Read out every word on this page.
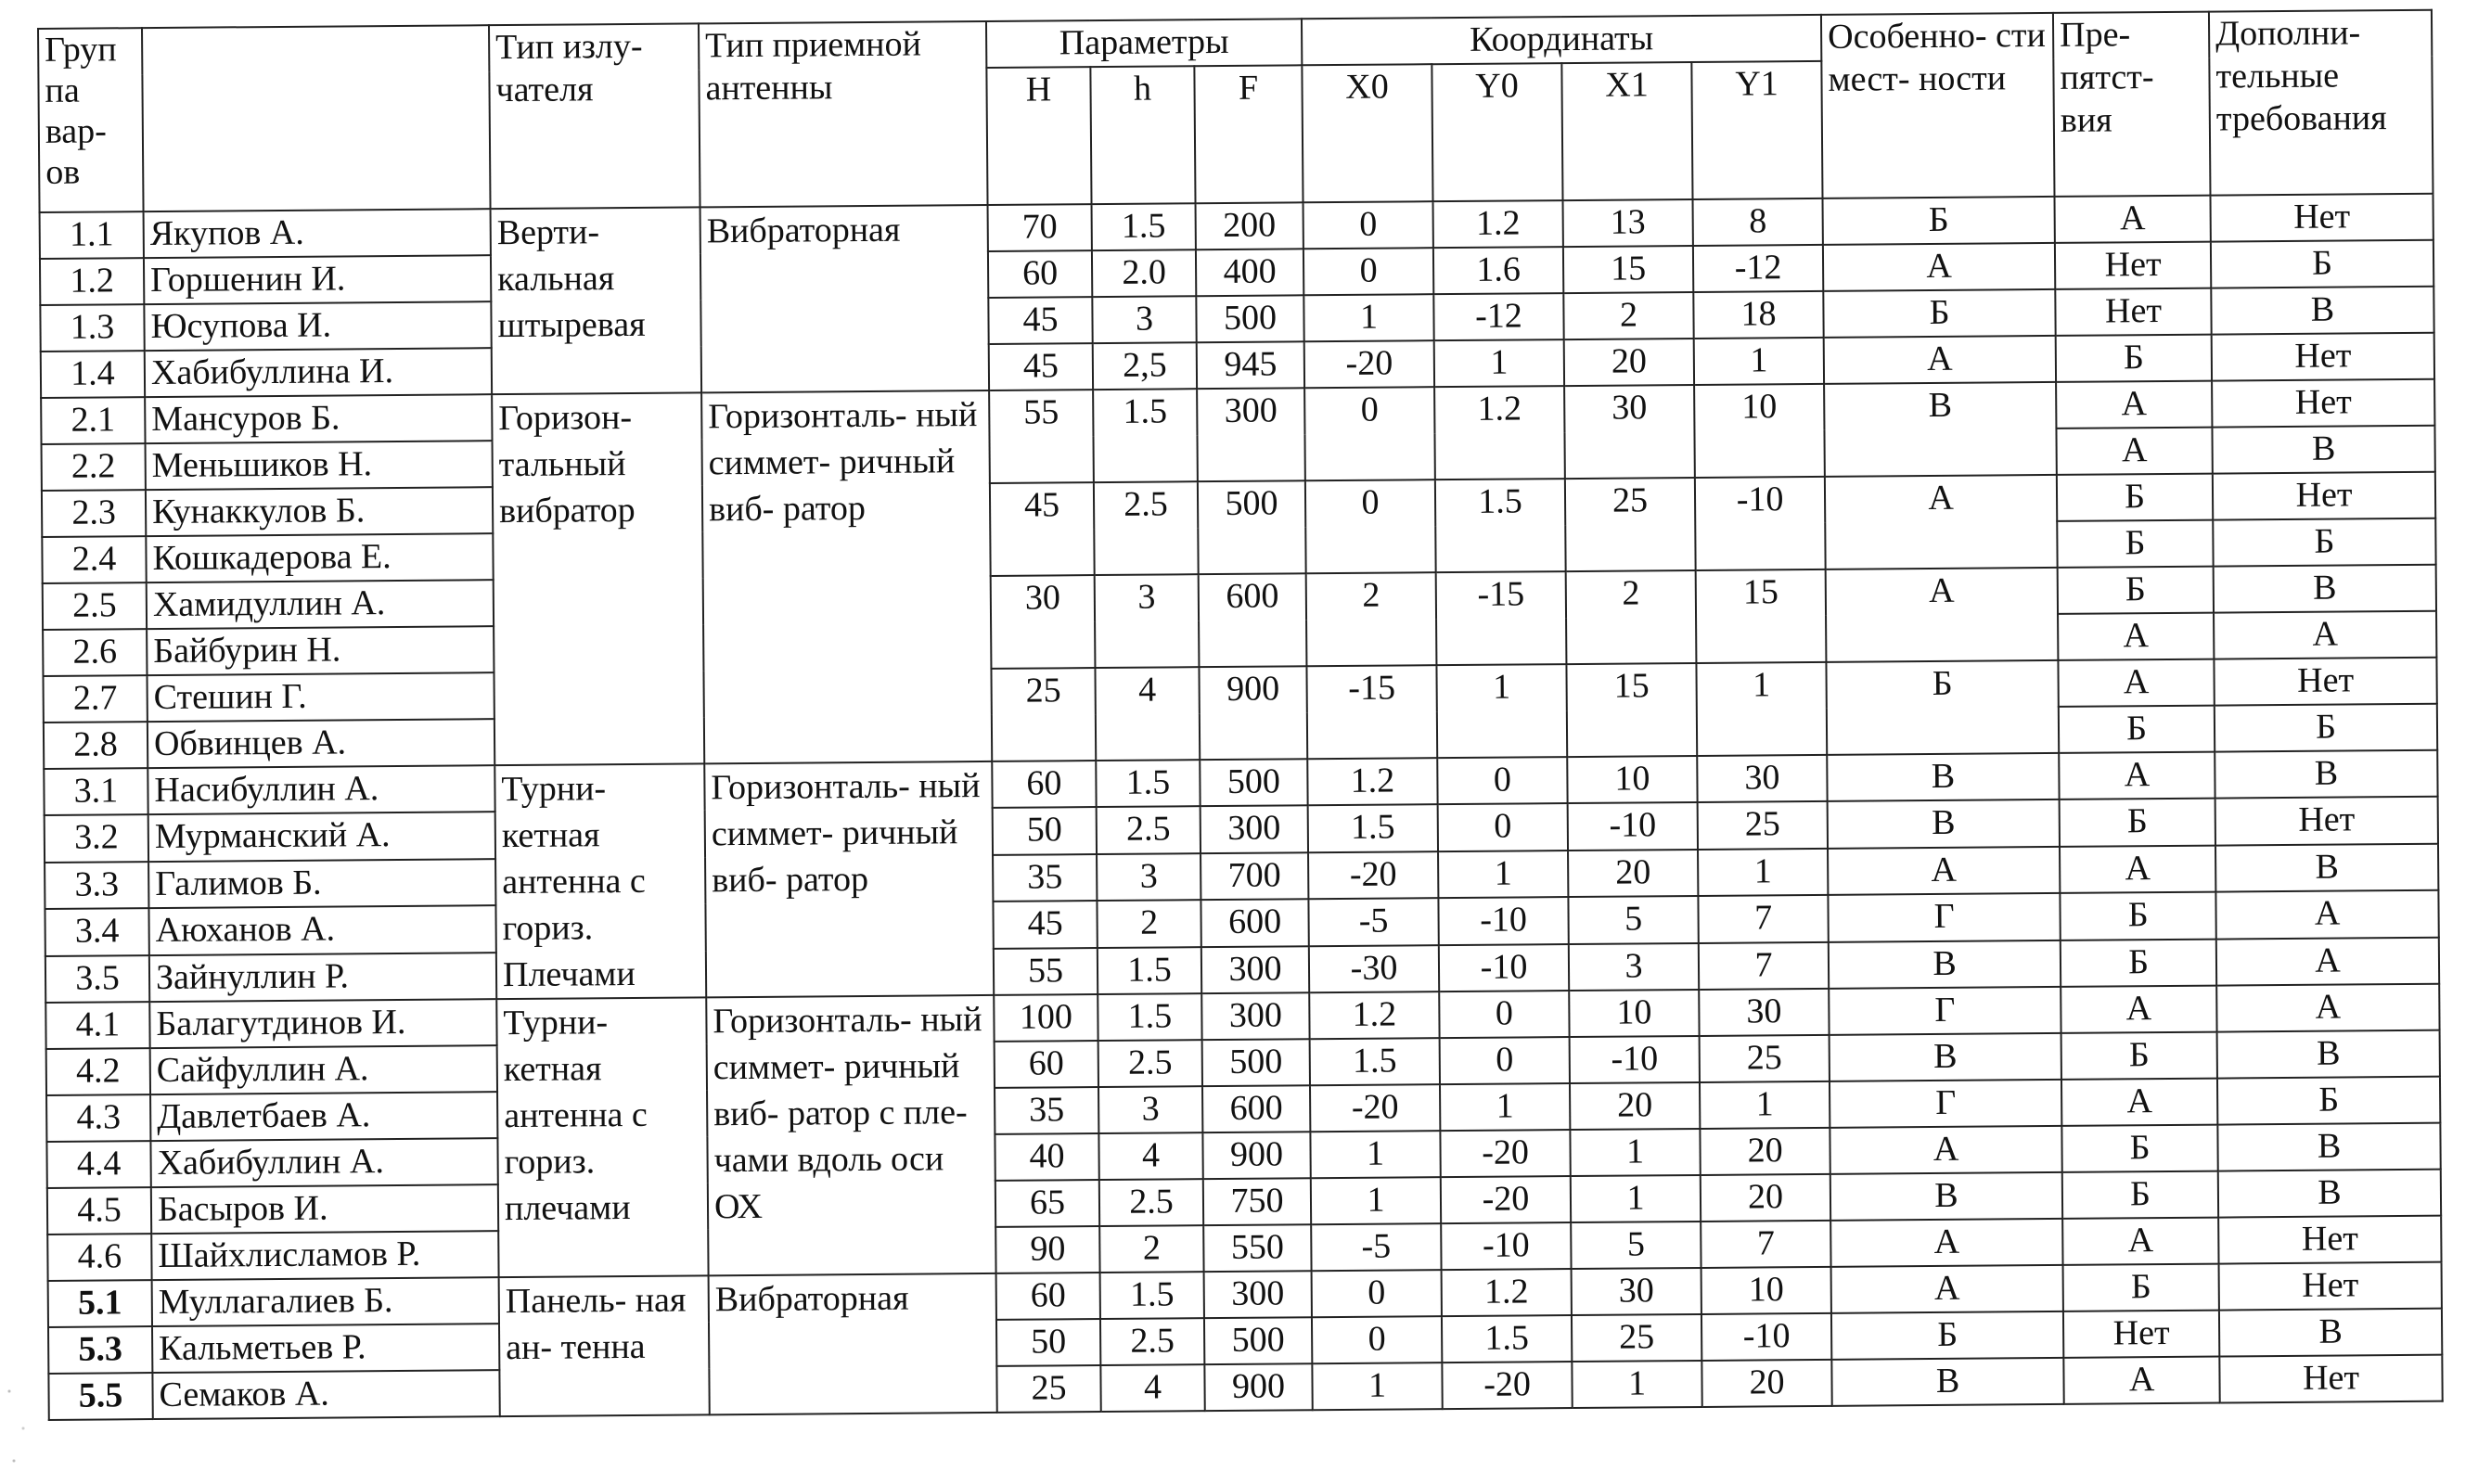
Груп па вар-ов		Тип излу- чателя	Тип приемной антенны	Параметры			Координаты				Особенно- сти мест- ности	Пре- пятст- вия	Дополни- тельные требования
				H	h	F	X0	Y0	X1	Y1			
1.1	Якупов А.	Верти- кальная штыревая	Вибраторная	70	1.5	200	0	1.2	13	8	Б	А	Нет
1.2	Горшенин И.			60	2.0	400	0	1.6	15	-12	А	Нет	Б
1.3	Юсупова И.			45	3	500	1	-12	2	18	Б	Нет	В
1.4	Хабибуллина И.			45	2,5	945	-20	1	20	1	А	Б	Нет
2.1	Мансуров Б.	Горизон- тальный вибратор	Горизонталь- ный симмет- ричный виб- ратор	55	1.5	300	0	1.2	30	10	В	А	Нет
2.2	Меньшиков Н.											А	В
2.3	Кунаккулов Б.			45	2.5	500	0	1.5	25	-10	А	Б	Нет
2.4	Кошкадерова Е.											Б	Б
2.5	Хамидуллин А.			30	3	600	2	-15	2	15	А	Б	В
2.6	Байбурин Н.											А	А
2.7	Стешин Г.			25	4	900	-15	1	15	1	Б	А	Нет
2.8	Обвинцев А.											Б	Б
3.1	Насибуллин А.	Турни- кетная антенна с гориз. Плечами	Горизонталь- ный симмет- ричный виб- ратор	60	1.5	500	1.2	0	10	30	В	А	В
3.2	Мурманский А.			50	2.5	300	1.5	0	-10	25	В	Б	Нет
3.3	Галимов Б.			35	3	700	-20	1	20	1	А	А	В
3.4	Аюханов А.			45	2	600	-5	-10	5	7	Г	Б	А
3.5	Зайнуллин Р.			55	1.5	300	-30	-10	3	7	В	Б	А
4.1	Балагутдинов И.	Турни- кетная антенна с гориз. плечами	Горизонталь- ный симмет- ричный виб- ратор с пле- чами вдоль оси ОХ	100	1.5	300	1.2	0	10	30	Г	А	А
4.2	Сайфуллин А.			60	2.5	500	1.5	0	-10	25	В	Б	В
4.3	Давлетбаев А.			35	3	600	-20	1	20	1	Г	А	Б
4.4	Хабибуллин А.			40	4	900	1	-20	1	20	А	Б	В
4.5	Басыров И.			65	2.5	750	1	-20	1	20	В	Б	В
4.6	Шайхлисламов Р.			90	2	550	-5	-10	5	7	А	А	Нет
5.1	Муллагалиев Б.	Панель- ная ан- тенна	Вибраторная	60	1.5	300	0	1.2	30	10	А	Б	Нет
5.3	Кальметьев Р.			50	2.5	500	0	1.5	25	-10	Б	Нет	В
5.5	Семаков А.			25	4	900	1	-20	1	20	В	А	Нет
